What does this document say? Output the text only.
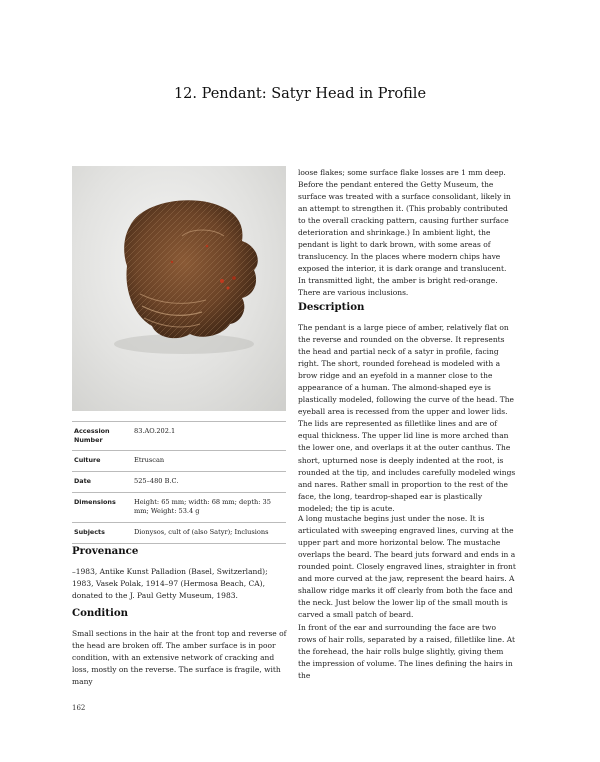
12. Pendant: Satyr Head in Profile
Accession Number	83.AO.202.1
Culture	Etruscan
Date	525–480 B.C.
Dimensions	Height: 65 mm; width: 68 mm; depth: 35 mm; Weight: 53.4 g
Subjects	Dionysos, cult of (also Satyr); Inclusions
Provenance

–1983, Antike Kunst Palladion (Basel, Switzerland); 1983, Vasek Polak, 1914–97 (Hermosa Beach, CA), donated to the J. Paul Getty Museum, 1983.

Condition

Small sections in the hair at the front top and reverse of the head are broken off. The amber surface is in poor condition, with an extensive network of cracking and loss, mostly on the reverse. The surface is fragile, with many

loose flakes; some surface flake losses are 1 mm deep. Before the pendant entered the Getty Museum, the surface was treated with a surface consolidant, likely in an attempt to strengthen it. (This probably contributed to the overall cracking pattern, causing further surface deterioration and shrinkage.) In ambient light, the pendant is light to dark brown, with some areas of translucency. In the places where modern chips have exposed the interior, it is dark orange and translucent. In transmitted light, the amber is bright red-orange. There are various inclusions.

Description

The pendant is a large piece of amber, relatively flat on the reverse and rounded on the obverse. It represents the head and partial neck of a satyr in profile, facing right. The short, rounded forehead is modeled with a brow ridge and an eyefold in a manner close to the appearance of a human. The almond-shaped eye is plastically modeled, following the curve of the head. The eyeball area is recessed from the upper and lower lids. The lids are represented as filletlike lines and are of equal thickness. The upper lid line is more arched than the lower one, and overlaps it at the outer canthus. The short, upturned nose is deeply indented at the root, is rounded at the tip, and includes carefully modeled wings and nares. Rather small in proportion to the rest of the face, the long, teardrop-shaped ear is plastically modeled; the tip is acute.

A long mustache begins just under the nose. It is articulated with sweeping engraved lines, curving at the upper part and more horizontal below. The mustache overlaps the beard. The beard juts forward and ends in a rounded point. Closely engraved lines, straighter in front and more curved at the jaw, represent the beard hairs. A shallow ridge marks it off clearly from both the face and the neck. Just below the lower lip of the small mouth is carved a small patch of beard.

In front of the ear and surrounding the face are two rows of hair rolls, separated by a raised, filletlike line. At the forehead, the hair rolls bulge slightly, giving them the impression of volume. The lines defining the hairs in the

162
